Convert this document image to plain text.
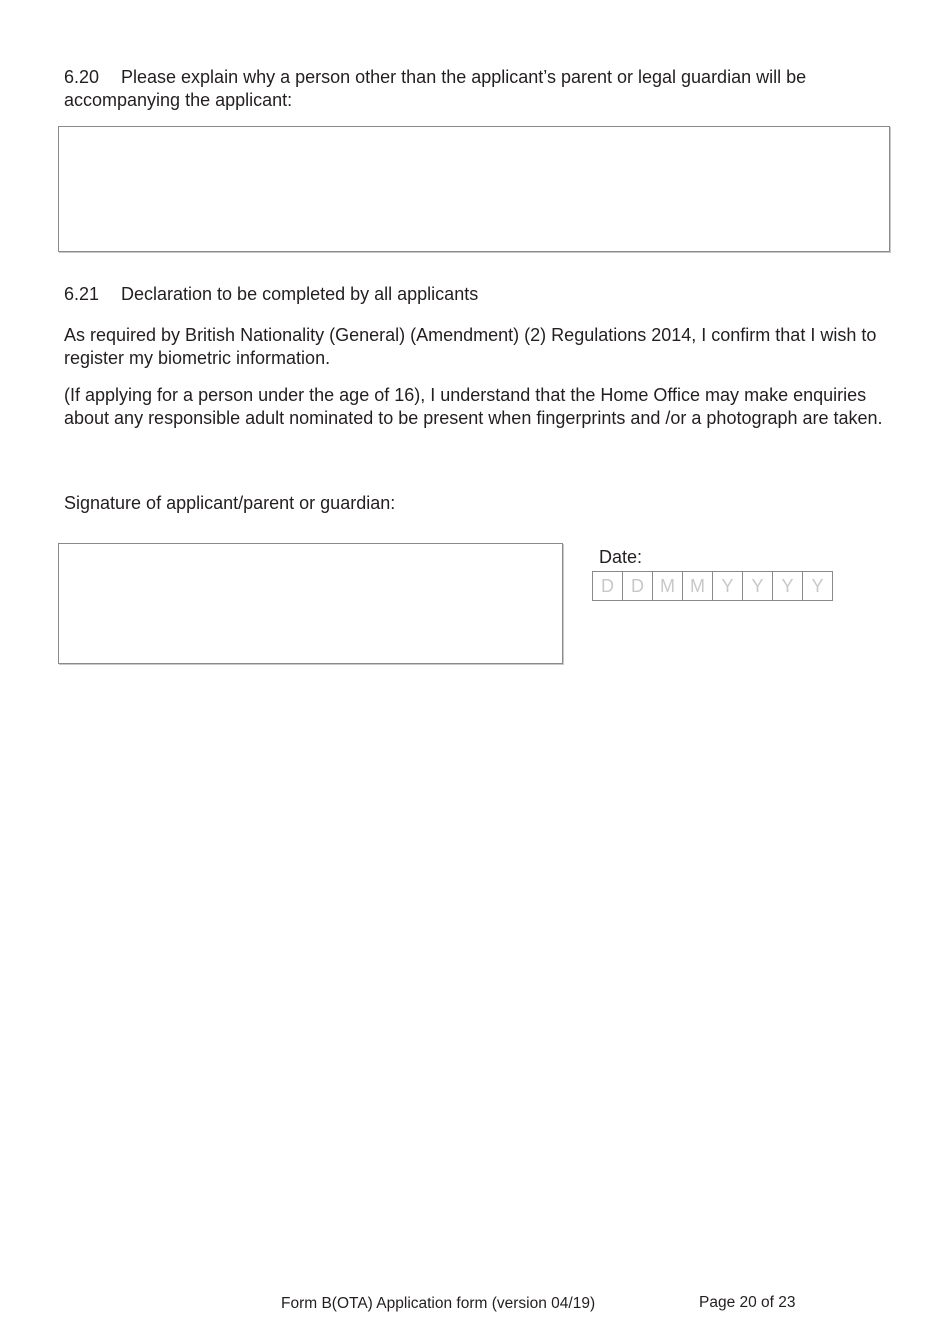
6.20 Please explain why a person other than the applicant’s parent or legal guardian will be accompanying the applicant:
6.21 Declaration to be completed by all applicants
As required by British Nationality (General) (Amendment) (2) Regulations 2014, I confirm that I wish to register my biometric information.
(If applying for a person under the age of 16), I understand that the Home Office may make enquiries about any responsible adult nominated to be present when fingerprints and /or a photograph are taken.
Signature of applicant/parent or guardian:
Date:
D D M M Y Y Y Y
Form B(OTA) Application form (version 04/19)	Page 20 of 23
